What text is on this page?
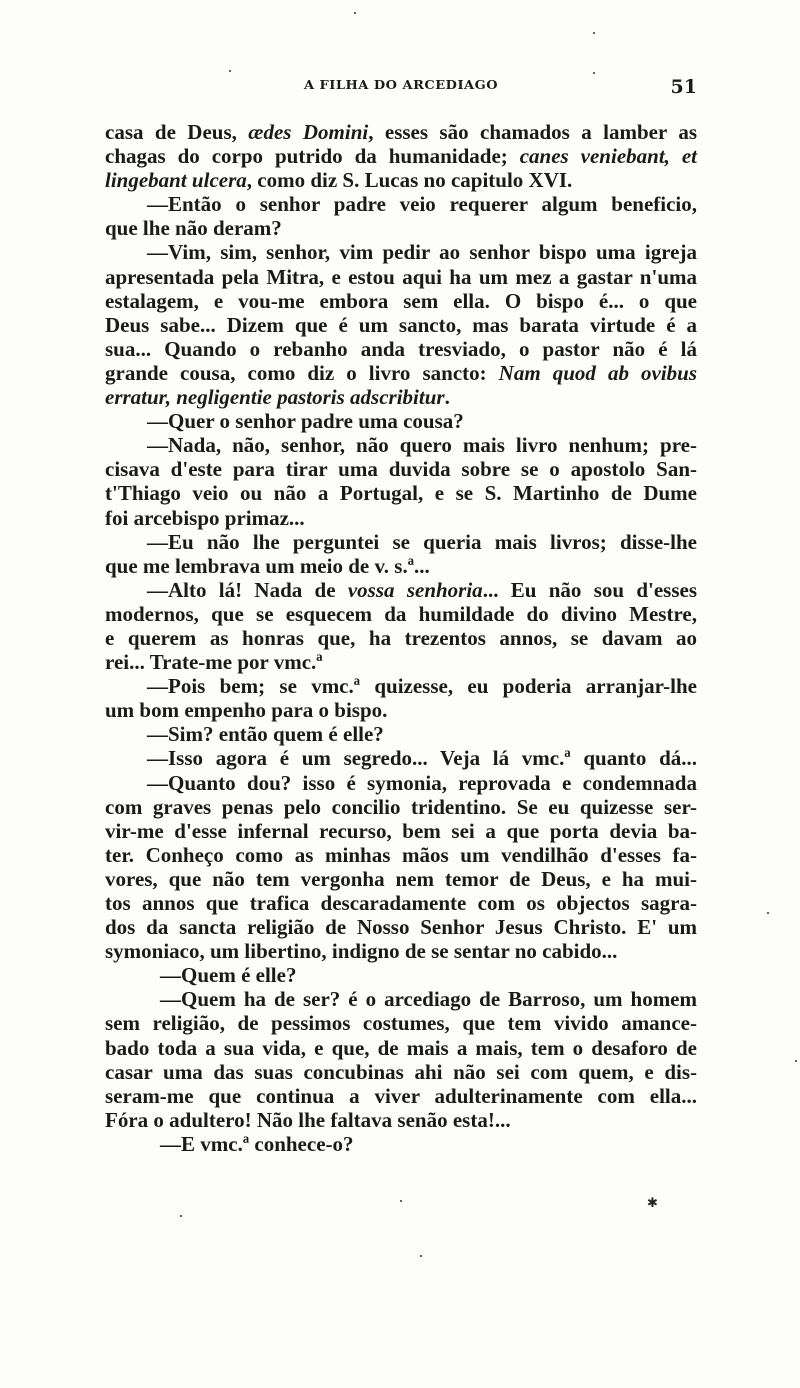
A FILHA DO ARCEDIAGO	51
casa de Deus, ædes Domini, esses são chamados a lamber as
chagas do corpo putrido da humanidade; canes veniebant, et
lingebant ulcera, como diz S. Lucas no capitulo XVI.
—Então o senhor padre veio requerer algum beneficio,
que lhe não deram?
—Vim, sim, senhor, vim pedir ao senhor bispo uma igreja
apresentada pela Mitra, e estou aqui ha um mez a gastar n'uma
estalagem, e vou-me embora sem ella. O bispo é... o que
Deus sabe... Dizem que é um sancto, mas barata virtude é a
sua... Quando o rebanho anda tresviado, o pastor não é lá
grande cousa, como diz o livro sancto: Nam quod ab ovibus
erratur, negligentie pastoris adscribitur.
—Quer o senhor padre uma cousa?
—Nada, não, senhor, não quero mais livro nenhum; pre-
cisava d'este para tirar uma duvida sobre se o apostolo San-
t'Thiago veio ou não a Portugal, e se S. Martinho de Dume
foi arcebispo primaz...
—Eu não lhe perguntei se queria mais livros; disse-lhe
que me lembrava um meio de v. s.ª...
—Alto lá! Nada de vossa senhoria... Eu não sou d'esses
modernos, que se esquecem da humildade do divino Mestre,
e querem as honras que, ha trezentos annos, se davam ao
rei... Trate-me por vmc.ª
—Pois bem; se vmc.ª quizesse, eu poderia arranjar-lhe
um bom empenho para o bispo.
—Sim? então quem é elle?
—Isso agora é um segredo... Veja lá vmc.ª quanto dá...
—Quanto dou? isso é symonia, reprovada e condemnada
com graves penas pelo concilio tridentino. Se eu quizesse ser-
vir-me d'esse infernal recurso, bem sei a que porta devia ba-
ter. Conheço como as minhas mãos um vendilhão d'esses fa-
vores, que não tem vergonha nem temor de Deus, e ha mui-
tos annos que trafica descaradamente com os objectos sagra-
dos da sancta religião de Nosso Senhor Jesus Christo. E' um
symoniaco, um libertino, indigno de se sentar no cabido...
—Quem é elle?
—Quem ha de ser? é o arcediago de Barroso, um homem
sem religião, de pessimos costumes, que tem vivido amance-
bado toda a sua vida, e que, de mais a mais, tem o desaforo de
casar uma das suas concubinas ahi não sei com quem, e dis-
seram-me que continua a viver adulterinamente com ella...
Fóra o adultero! Não lhe faltava senão esta!...
—E vmc.ª conhece-o?
✱
